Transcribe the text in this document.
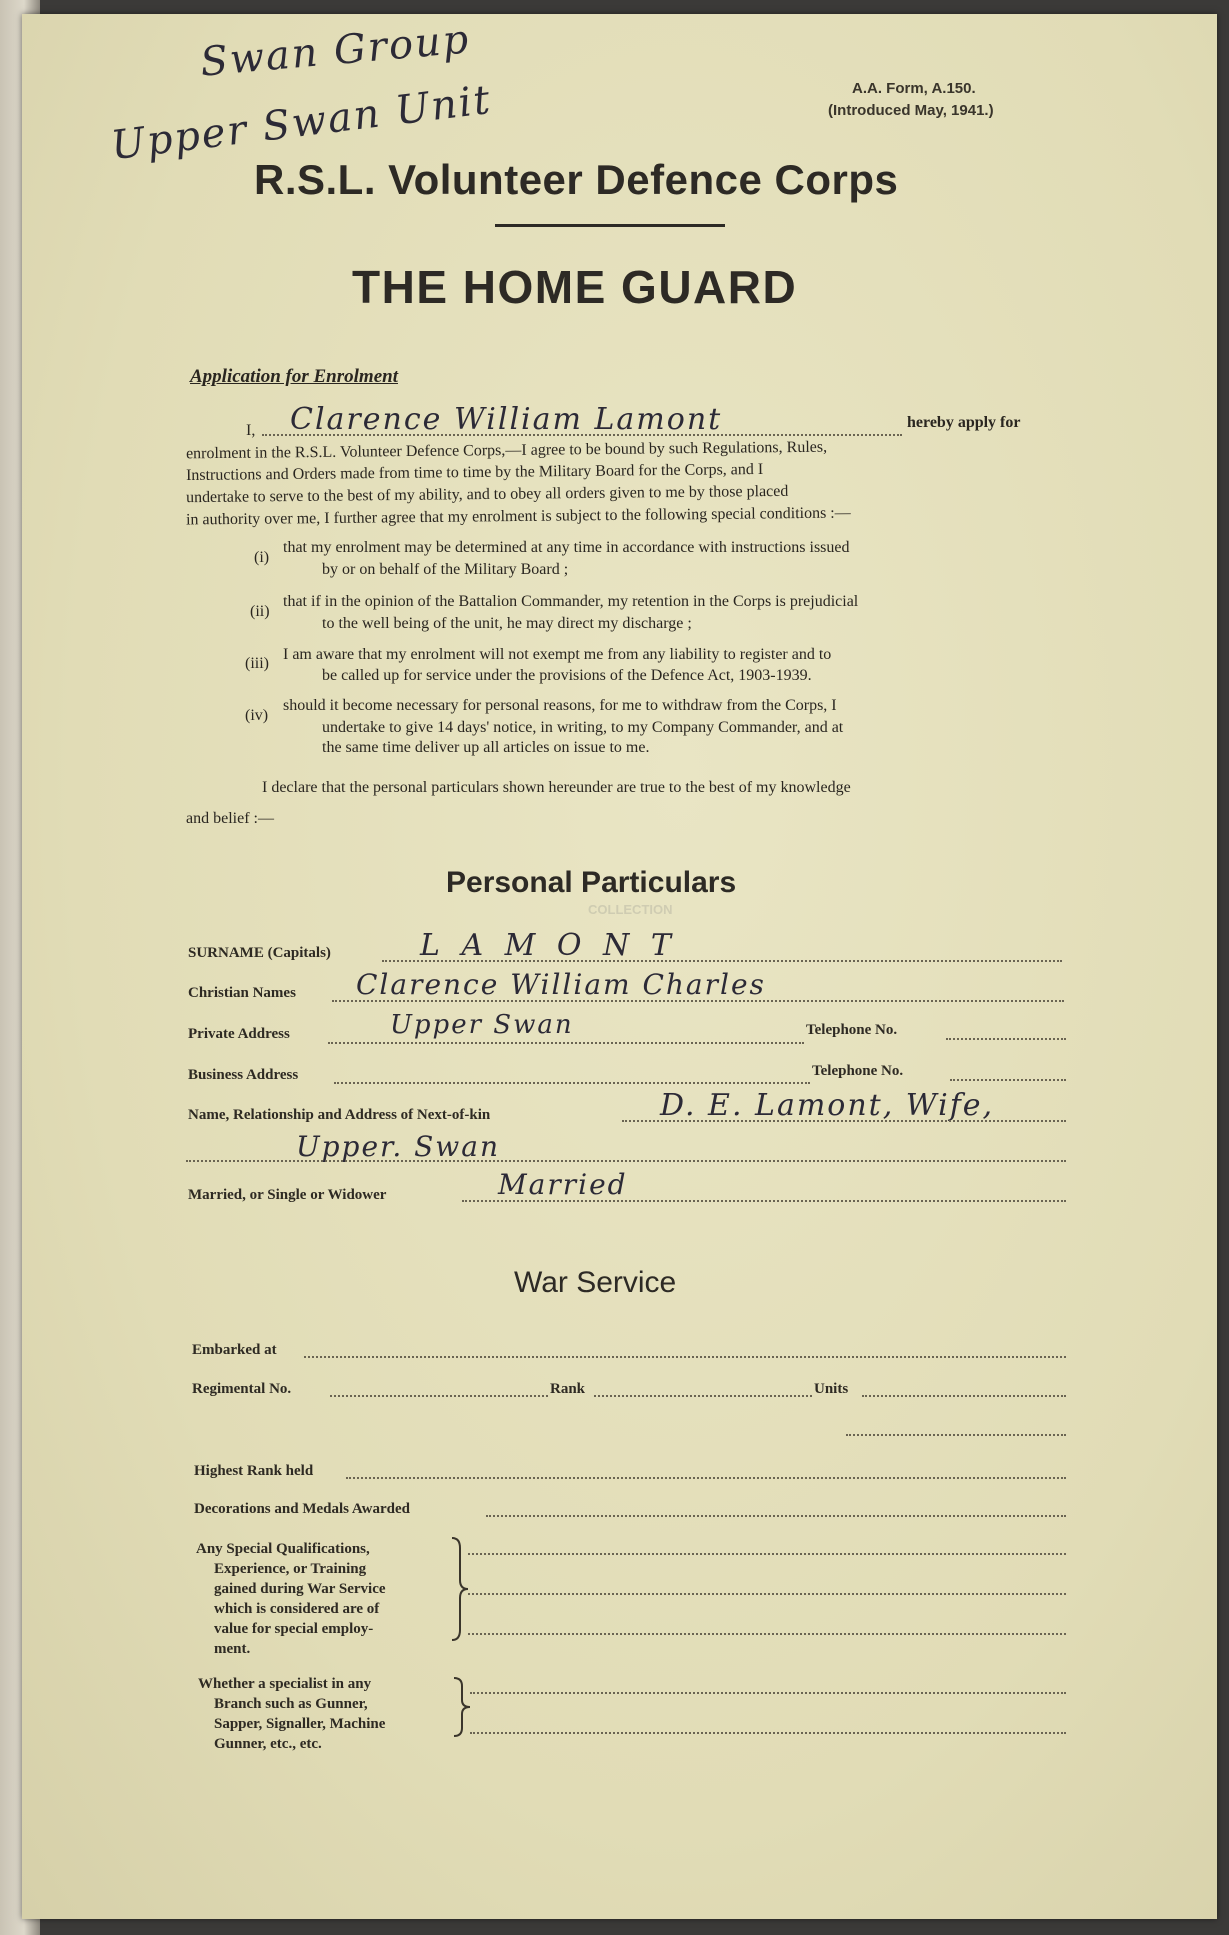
Swan Group
Upper Swan Unit	A.A. Form, A.150.
(Introduced May, 1941.)
R.S.L. Volunteer Defence Corps
THE HOME GUARD
Application for Enrolment
I, Clarence William Lamont	hereby apply for
enrolment in the R.S.L. Volunteer Defence Corps,—I agree to be bound by such Regulations, Rules,
Instructions and Orders made from time to time by the Military Board for the Corps, and I
undertake to serve to the best of my ability, and to obey all orders given to me by those placed
in authority over me, I further agree that my enrolment is subject to the following special conditions :—
(i)
that my enrolment may be determined at any time in accordance with instructions issued
by or on behalf of the Military Board ;
(ii)
that if in the opinion of the Battalion Commander, my retention in the Corps is prejudicial
to the well being of the unit, he may direct my discharge ;
(iii)
I am aware that my enrolment will not exempt me from any liability to register and to
be called up for service under the provisions of the Defence Act, 1903-1939.
(iv)
should it become necessary for personal reasons, for me to withdraw from the Corps, I
undertake to give 14 days' notice, in writing, to my Company Commander, and at
the same time deliver up all articles on issue to me.
I declare that the personal particulars shown hereunder are true to the best of my knowledge
and belief :—
Personal Particulars
COLLECTION
SURNAME (Capitals)	L A M O N T
Christian Names Clarence William Charles
Private Address	Upper Swan	Telephone No.
Business Address	Telephone No.
Name, Relationship and Address of Next-of-kin	D. E. Lamont, Wife,
Upper. Swan
Married, or Single or Widower	Married
War Service
Embarked at
Regimental No.	Rank	Units
Highest Rank held
Decorations and Medals Awarded
Any Special Qualifications,
Experience, or Training
gained during War Service
which is considered are of
value for special employ-
ment.
Whether a specialist in any
Branch such as Gunner,
Sapper, Signaller, Machine
Gunner, etc., etc.
